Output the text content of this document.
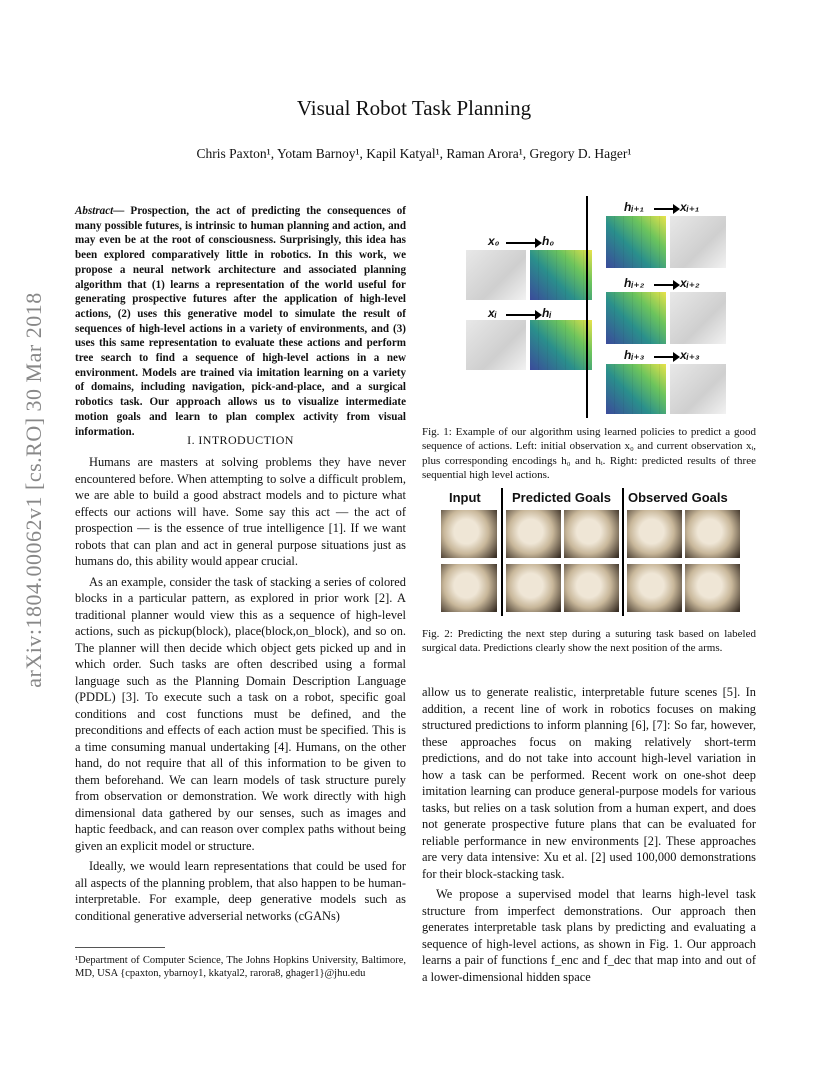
Visual Robot Task Planning
Chris Paxton¹, Yotam Barnoy¹, Kapil Katyal¹, Raman Arora¹, Gregory D. Hager¹
arXiv:1804.00062v1 [cs.RO] 30 Mar 2018
Abstract— Prospection, the act of predicting the consequences of many possible futures, is intrinsic to human planning and action, and may even be at the root of consciousness. Surprisingly, this idea has been explored comparatively little in robotics. In this work, we propose a neural network architecture and associated planning algorithm that (1) learns a representation of the world useful for generating prospective futures after the application of high-level actions, (2) uses this generative model to simulate the result of sequences of high-level actions in a variety of environments, and (3) uses this same representation to evaluate these actions and perform tree search to find a sequence of high-level actions in a new environment. Models are trained via imitation learning on a variety of domains, including navigation, pick-and-place, and a surgical robotics task. Our approach allows us to visualize intermediate motion goals and learn to plan complex activity from visual information.
I. INTRODUCTION

Humans are masters at solving problems they have never encountered before. When attempting to solve a difficult problem, we are able to build a good abstract models and to picture what effects our actions will have. Some say this act — the act of prospection — is the essence of true intelligence [1]. If we want robots that can plan and act in general purpose situations just as humans do, this ability would appear crucial.

As an example, consider the task of stacking a series of colored blocks in a particular pattern, as explored in prior work [2]. A traditional planner would view this as a sequence of high-level actions, such as pickup(block), place(block,on_block), and so on. The planner will then decide which object gets picked up and in which order. Such tasks are often described using a formal language such as the Planning Domain Description Language (PDDL) [3]. To execute such a task on a robot, specific goal conditions and cost functions must be defined, and the preconditions and effects of each action must be specified. This is a time consuming manual undertaking [4]. Humans, on the other hand, do not require that all of this information to be given to them beforehand. We can learn models of task structure purely from observation or demonstration. We work directly with high dimensional data gathered by our senses, such as images and haptic feedback, and can reason over complex paths without being given an explicit model or structure.

Ideally, we would learn representations that could be used for all aspects of the planning problem, that also happen to be human-interpretable. For example, deep generative models such as conditional generative adverserial networks (cGANs)

¹Department of Computer Science, The Johns Hopkins University, Baltimore, MD, USA {cpaxton, ybarnoy1, kkatyal2, rarora8, ghager1}@jhu.edu
x₀	h₀
xᵢ	hᵢ
hᵢ₊₁	xᵢ₊₁
hᵢ₊₂	xᵢ₊₂
hᵢ₊₃	xᵢ₊₃
Fig. 1: Example of our algorithm using learned policies to predict a good sequence of actions. Left: initial observation x₀ and current observation xᵢ, plus corresponding encodings h₀ and hᵢ. Right: predicted results of three sequential high level actions.
Input Predicted Goals Observed Goals
Fig. 2: Predicting the next step during a suturing task based on labeled surgical data. Predictions clearly show the next position of the arms.

allow us to generate realistic, interpretable future scenes [5]. In addition, a recent line of work in robotics focuses on making structured predictions to inform planning [6], [7]: So far, however, these approaches focus on making relatively short-term predictions, and do not take into account high-level variation in how a task can be performed. Recent work on one-shot deep imitation learning can produce general-purpose models for various tasks, but relies on a task solution from a human expert, and does not generate prospective future plans that can be evaluated for reliable performance in new environments [2]. These approaches are very data intensive: Xu et al. [2] used 100,000 demonstrations for their block-stacking task.

We propose a supervised model that learns high-level task structure from imperfect demonstrations. Our approach then generates interpretable task plans by predicting and evaluating a sequence of high-level actions, as shown in Fig. 1. Our approach learns a pair of functions f_enc and f_dec that map into and out of a lower-dimensional hidden space
